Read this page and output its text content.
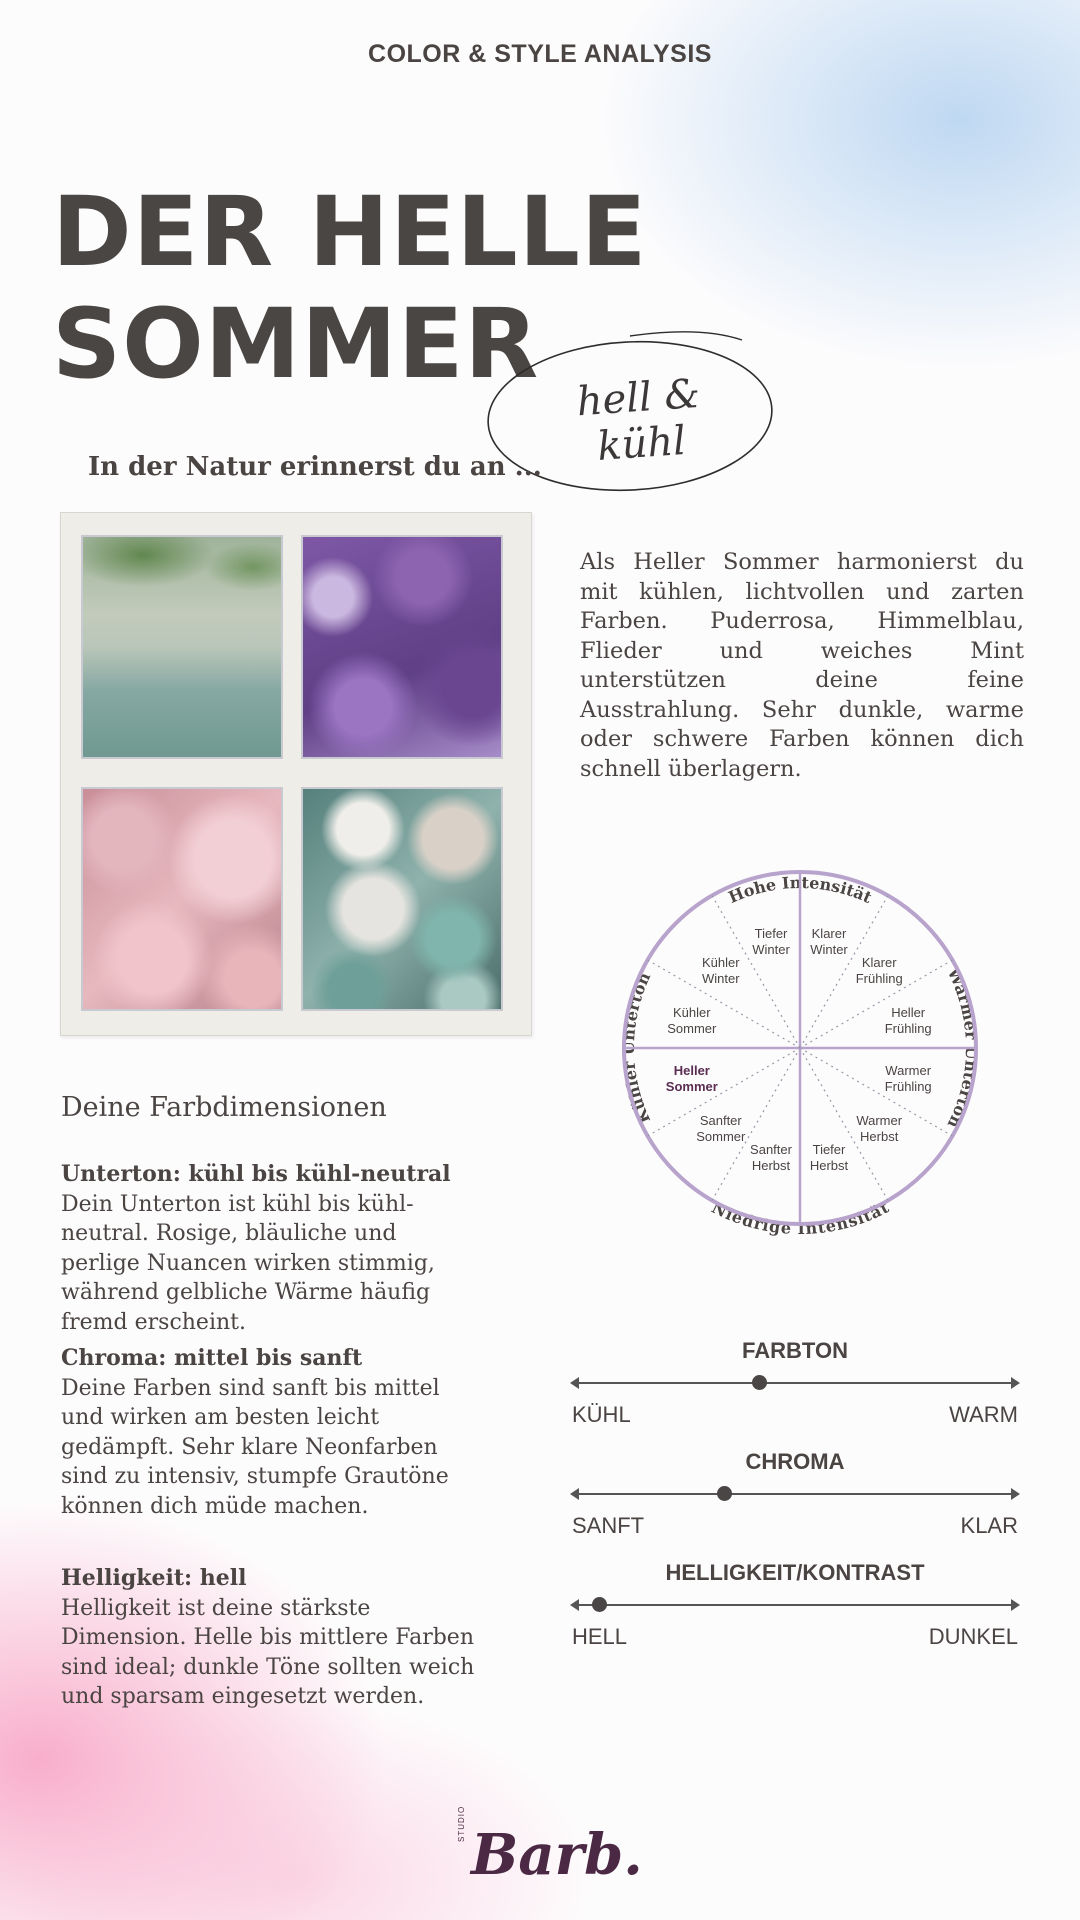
COLOR & STYLE ANALYSIS
DER HELLE
SOMMER hell & kühl
In der Natur erinnerst du an ...
Als Heller Sommer harmonierst du mit kühlen, lichtvollen und zarten Farben. Puderrosa, Himmelblau, Flieder und weiches Mint unterstützen deine feine Ausstrahlung. Sehr dunkle, warme oder schwere Farben können dich schnell überlagern.
Hohe Intensität
Niedrige Intensität
Kühler Unterton	Warmer Unterton
Klarer Winter
Klarer Frühling
Heller Frühling
Warmer Frühling
Warmer Herbst
Tiefer Herbst
Sanfter Herbst
Sanfter Sommer
Heller Sommer
Kühler Sommer
Kühler Winter
Tiefer Winter
Deine Farbdimensionen
Unterton: kühl bis kühl-neutral
Dein Unterton ist kühl bis kühl-neutral. Rosige, bläuliche und perlige Nuancen wirken stimmig, während gelbliche Wärme häufig fremd erscheint.
Chroma: mittel bis sanft
Deine Farben sind sanft bis mittel und wirken am besten leicht gedämpft. Sehr klare Neonfarben sind zu intensiv, stumpfe Grautöne können dich müde machen.
Helligkeit: hell
Helligkeit ist deine stärkste Dimension. Helle bis mittlere Farben sind ideal; dunkle Töne sollten weich und sparsam eingesetzt werden.
FARBTON
KÜHL	WARM
CHROMA
SANFT	KLAR
HELLIGKEIT/KONTRAST
HELL	DUNKEL
STUDIO Barb.
